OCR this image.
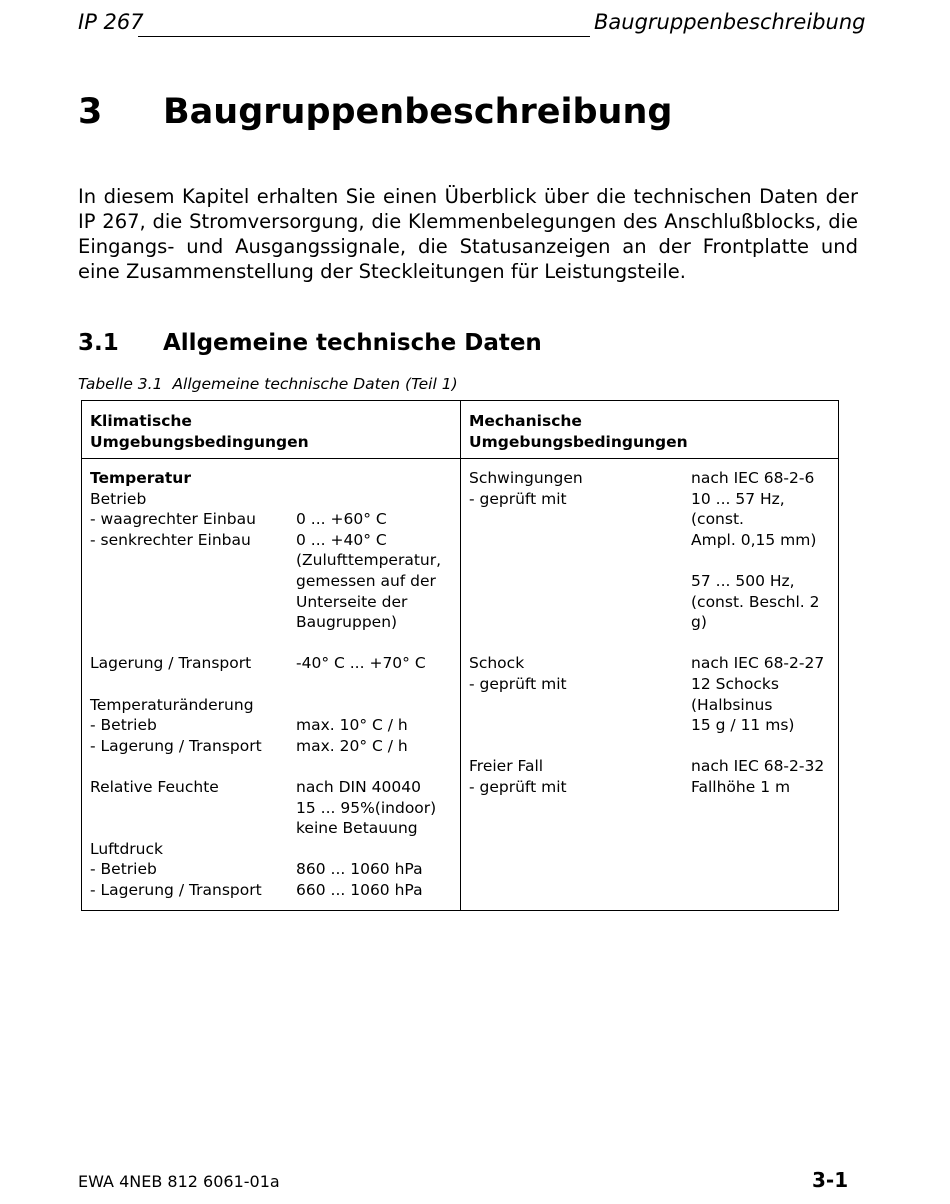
IP 267	Baugruppenbeschreibung
3 Baugruppenbeschreibung

In diesem Kapitel erhalten Sie einen Überblick über die technischen Daten der IP 267, die Stromversorgung, die Klemmenbelegungen des Anschlußblocks, die Eingangs- und Ausgangssignale, die Statusanzeigen an der Frontplatte und eine Zusammenstellung der Steckleitungen für Leistungsteile.

3.1 Allgemeine technische Daten
Tabelle 3.1 Allgemeine technische Daten (Teil 1)
Klimatische
Umgebungsbedingungen
Mechanische
Umgebungsbedingungen
Temperatur
Betrieb
- waagrechter Einbau	0 ... +60° C
- senkrechter Einbau	0 ... +40° C
(Zulufttemperatur,
gemessen auf der
Unterseite der
Baugruppen)
Lagerung / Transport	-40° C ... +70° C
Temperaturänderung
- Betrieb	max. 10° C / h
- Lagerung / Transport	max. 20° C / h
Relative Feuchte	nach DIN 40040
15 ... 95%(indoor)
keine Betauung
Luftdruck
- Betrieb	860 ... 1060 hPa
- Lagerung / Transport	660 ... 1060 hPa
Schwingungen	nach IEC 68-2-6
- geprüft mit	10 ... 57 Hz,
(const.
Ampl. 0,15 mm)
57 ... 500 Hz,
(const. Beschl. 2 g)
Schock	nach IEC 68-2-27
- geprüft mit	12 Schocks
(Halbsinus
15 g / 11 ms)
Freier Fall	nach IEC 68-2-32
- geprüft mit	Fallhöhe 1 m
EWA 4NEB 812 6061-01a	3-1
